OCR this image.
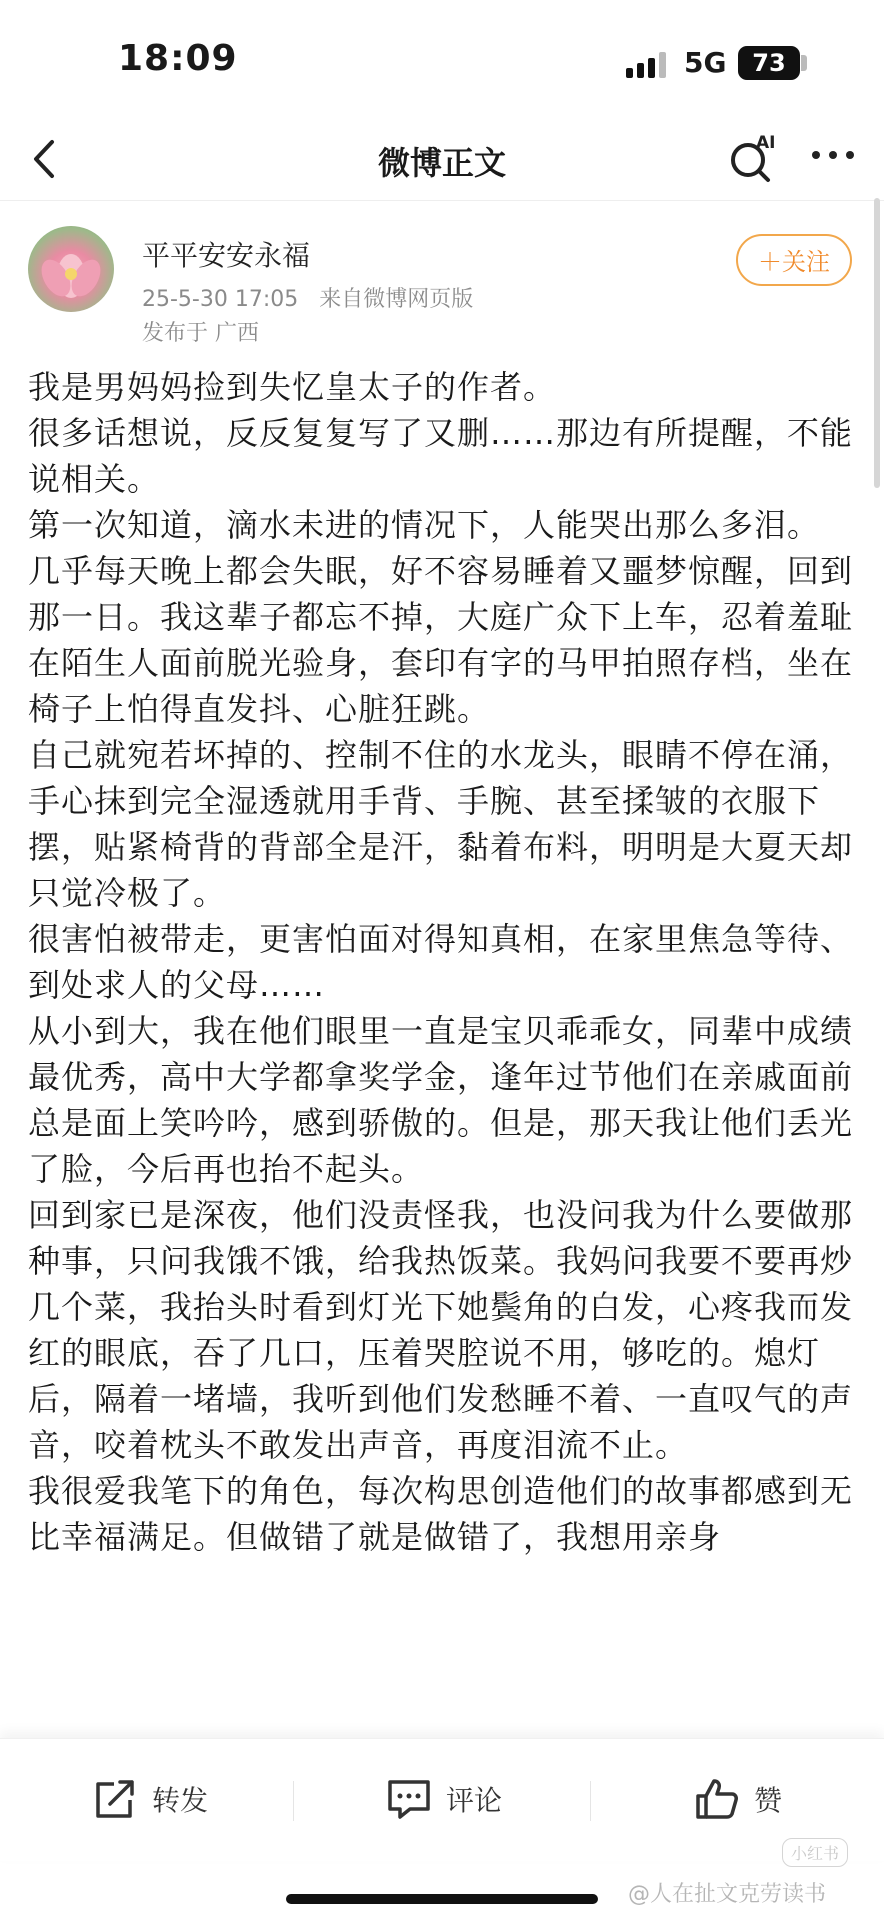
18:09	5G	73
微博正文
AI
平平安安永福
25-5-30 17:05 来自微博网页版
发布于 广西
＋关注

我是男妈妈捡到失忆皇太子的作者。

很多话想说，反反复复写了又删……那边有所提醒，不能说相关。

第一次知道，滴水未进的情况下，人能哭出那么多泪。

几乎每天晚上都会失眠，好不容易睡着又噩梦惊醒，回到那一日。我这辈子都忘不掉，大庭广众下上车，忍着羞耻在陌生人面前脱光验身，套印有字的马甲拍照存档，坐在椅子上怕得直发抖、心脏狂跳。

自己就宛若坏掉的、控制不住的水龙头，眼睛不停在涌，手心抹到完全湿透就用手背、手腕、甚至揉皱的衣服下摆，贴紧椅背的背部全是汗，黏着布料，明明是大夏天却只觉冷极了。

很害怕被带走，更害怕面对得知真相，在家里焦急等待、到处求人的父母……

从小到大，我在他们眼里一直是宝贝乖乖女，同辈中成绩最优秀，高中大学都拿奖学金，逢年过节他们在亲戚面前总是面上笑吟吟，感到骄傲的。但是，那天我让他们丢光了脸，今后再也抬不起头。

回到家已是深夜，他们没责怪我，也没问我为什么要做那种事，只问我饿不饿，给我热饭菜。我妈问我要不要再炒几个菜，我抬头时看到灯光下她鬓角的白发，心疼我而发红的眼底，吞了几口，压着哭腔说不用，够吃的。熄灯后，隔着一堵墙，我听到他们发愁睡不着、一直叹气的声音，咬着枕头不敢发出声音，再度泪流不止。

我很爱我笔下的角色，每次构思创造他们的故事都感到无比幸福满足。但做错了就是做错了，我想用亲身

转发	评论	赞
小红书
@人在扯文克劳读书
